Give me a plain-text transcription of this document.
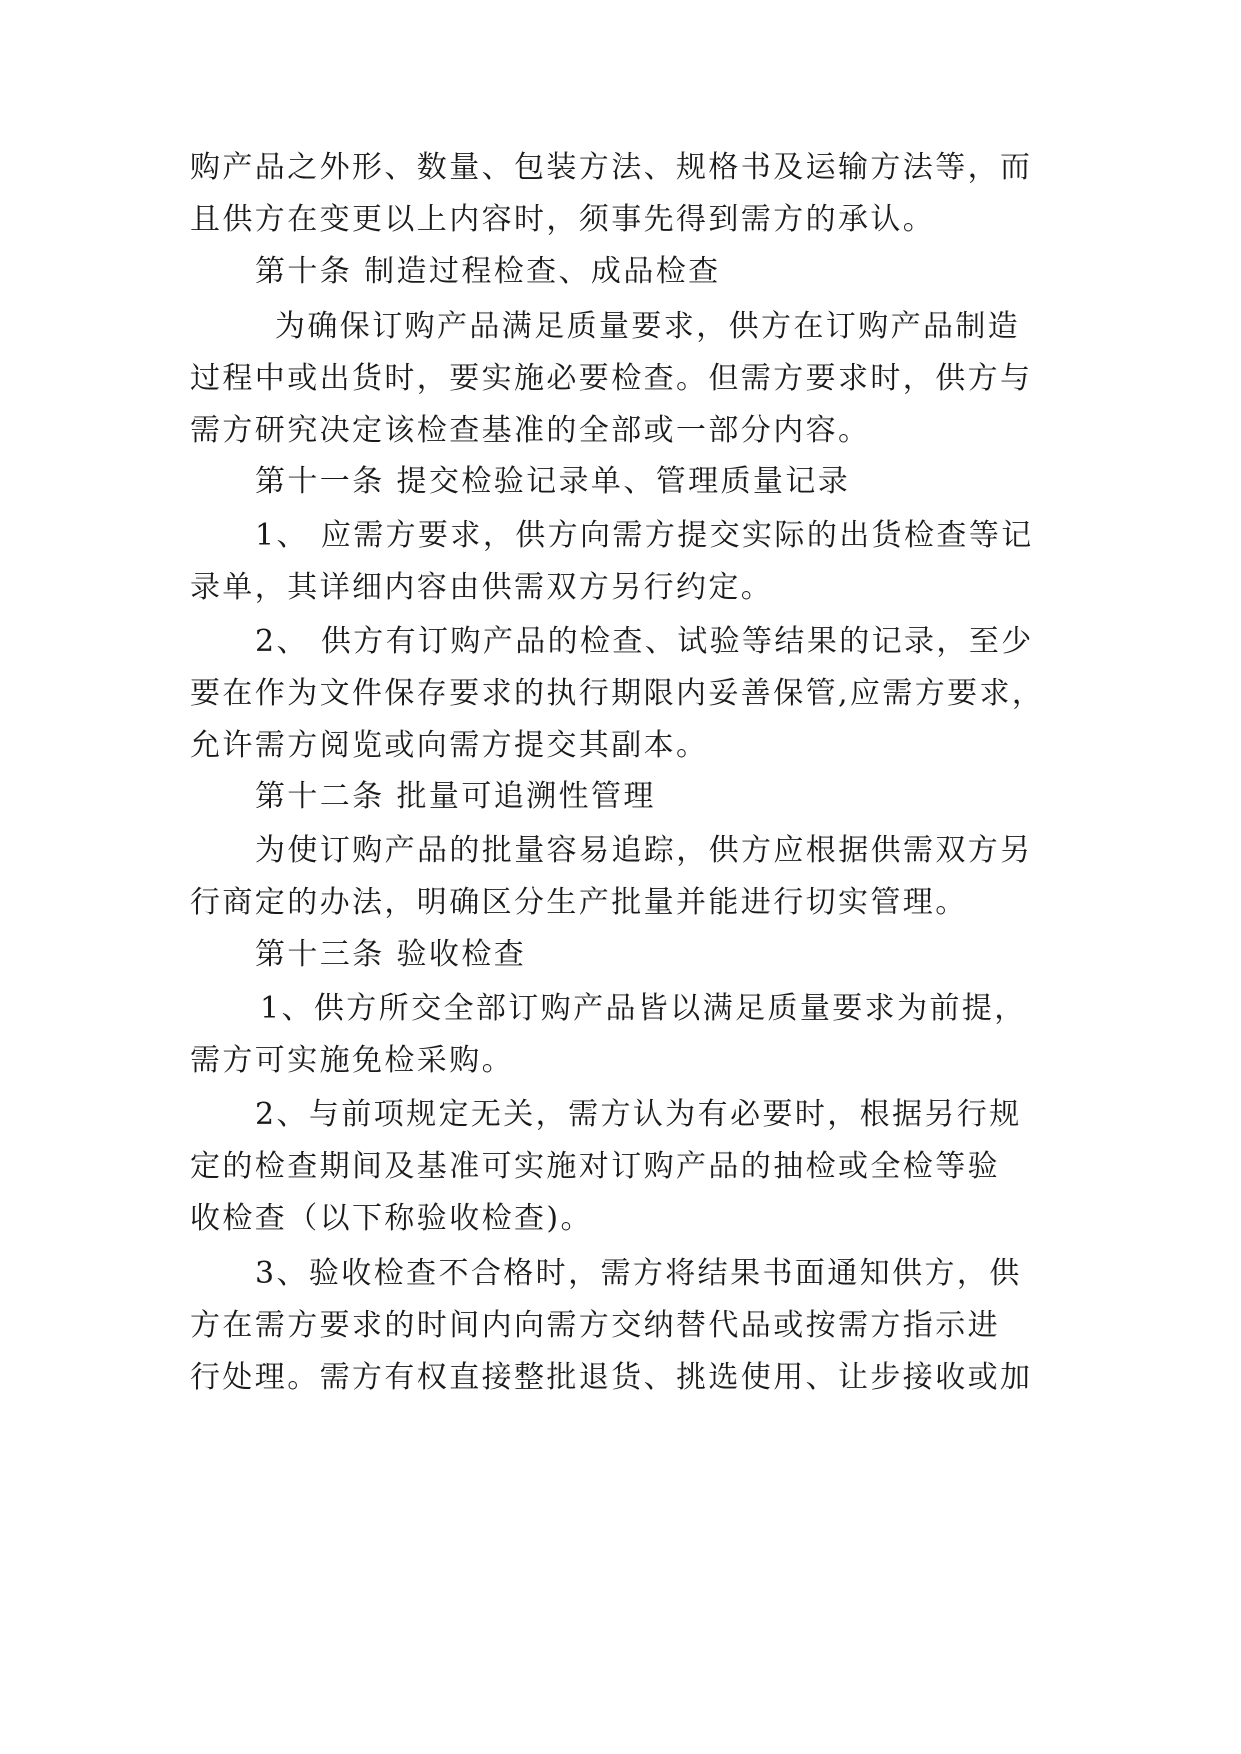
购产品之外形、数量、包装方法、规格书及运输方法等，而
且供方在变更以上内容时，须事先得到需方的承认。
第十条 制造过程检查、成品检查
为确保订购产品满足质量要求，供方在订购产品制造
过程中或出货时，要实施必要检查。但需方要求时，供方与
需方研究决定该检查基准的全部或一部分内容。
第十一条 提交检验记录单、管理质量记录
1、 应需方要求，供方向需方提交实际的出货检查等记
录单，其详细内容由供需双方另行约定。
2、 供方有订购产品的检查、试验等结果的记录，至少
要在作为文件保存要求的执行期限内妥善保管,应需方要求，
允许需方阅览或向需方提交其副本。
第十二条 批量可追溯性管理
为使订购产品的批量容易追踪，供方应根据供需双方另
行商定的办法，明确区分生产批量并能进行切实管理。
第十三条 验收检查
1、供方所交全部订购产品皆以满足质量要求为前提，
需方可实施免检采购。
2、与前项规定无关，需方认为有必要时，根据另行规
定的检查期间及基准可实施对订购产品的抽检或全检等验
收检查（以下称验收检查)。
3、验收检查不合格时，需方将结果书面通知供方，供
方在需方要求的时间内向需方交纳替代品或按需方指示进
行处理。需方有权直接整批退货、挑选使用、让步接收或加
